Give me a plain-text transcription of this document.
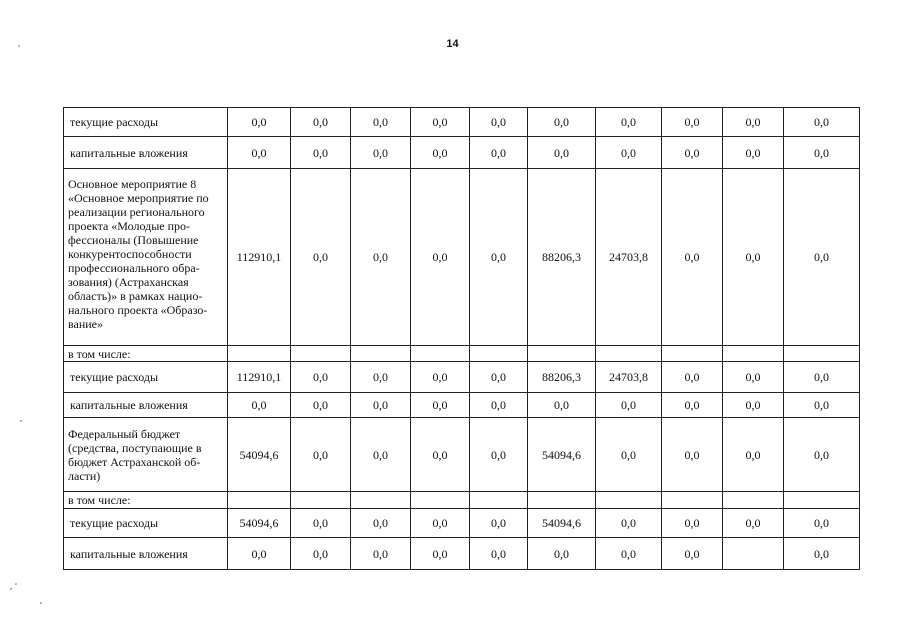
14
текущие расходы	0,0	0,0	0,0	0,0	0,0	0,0	0,0	0,0	0,0	0,0
капитальные вложения	0,0	0,0	0,0	0,0	0,0	0,0	0,0	0,0	0,0	0,0
Основное мероприятие 8 «Основное мероприятие по реализации регионального проекта «Молодые про-фессионалы (Повышение конкурентоспособности профессионального обра-зования) (Астраханская область)» в рамках нацио-нального проекта «Образо-вание»	112910,1	0,0	0,0	0,0	0,0	88206,3	24703,8	0,0	0,0	0,0
в том числе:										
текущие расходы	112910,1	0,0	0,0	0,0	0,0	88206,3	24703,8	0,0	0,0	0,0
капитальные вложения	0,0	0,0	0,0	0,0	0,0	0,0	0,0	0,0	0,0	0,0
Федеральный бюджет (средства, поступающие в бюджет Астраханской об-ласти)	54094,6	0,0	0,0	0,0	0,0	54094,6	0,0	0,0	0,0	0,0
в том числе:										
текущие расходы	54094,6	0,0	0,0	0,0	0,0	54094,6	0,0	0,0	0,0	0,0
капитальные вложения	0,0	0,0	0,0	0,0	0,0	0,0	0,0	0,0		0,0
